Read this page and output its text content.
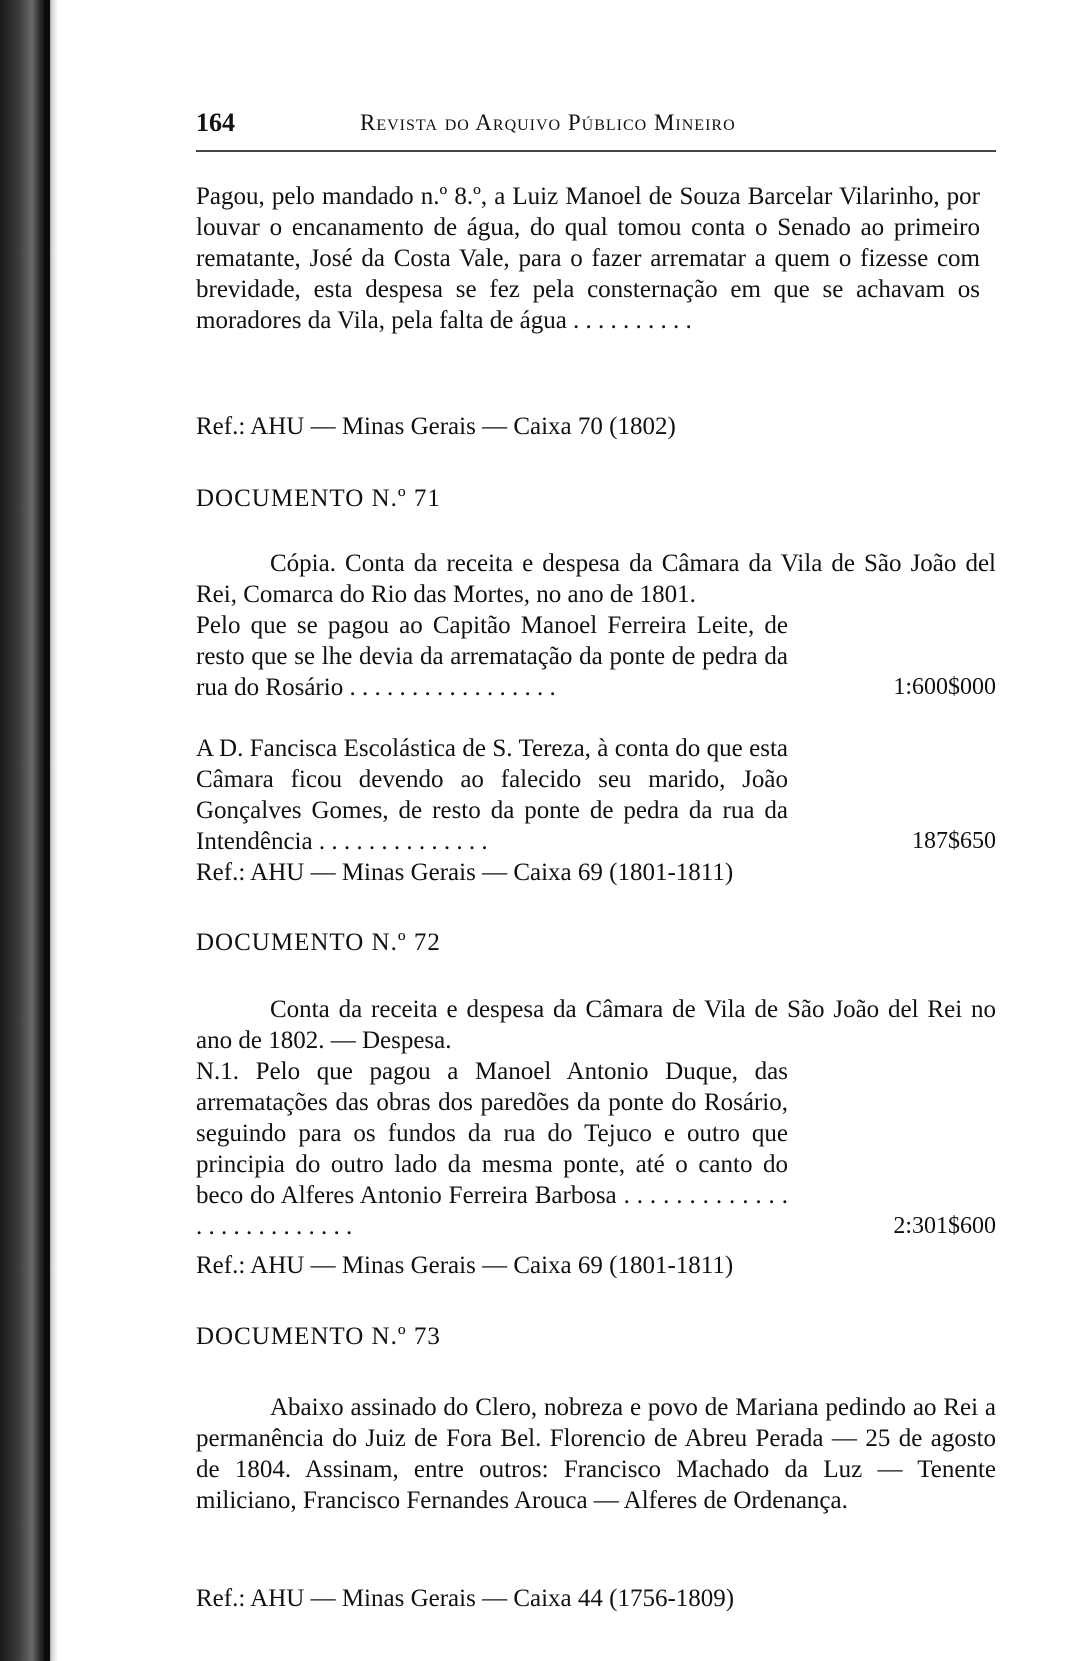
164	Revista do Arquivo Público Mineiro
Pagou, pelo mandado n.º 8.º, a Luiz Manoel de Souza Barcelar Vilarinho, por louvar o encanamento de água, do qual tomou conta o Senado ao primeiro rematante, José da Costa Vale, para o fazer arrematar a quem o fizesse com brevidade, esta despesa se fez pela consternação em que se achavam os moradores da Vila, pela falta de água . . . . . . . . . .
Ref.: AHU — Minas Gerais — Caixa 70 (1802)
DOCUMENTO N.º 71
Cópia. Conta da receita e despesa da Câmara da Vila de São João del Rei, Comarca do Rio das Mortes, no ano de 1801.
Pelo que se pagou ao Capitão Manoel Ferreira Leite, de resto que se lhe devia da arrematação da ponte de pedra da rua do Rosário . . . . . . . . . . . . . . . . .	1:600$000
A D. Fancisca Escolástica de S. Tereza, à conta do que esta Câmara ficou devendo ao falecido seu marido, João Gonçalves Gomes, de resto da ponte de pedra da rua da Intendência . . . . . . . . . . . . . .	187$650
Ref.: AHU — Minas Gerais — Caixa 69 (1801-1811)
DOCUMENTO N.º 72
Conta da receita e despesa da Câmara de Vila de São João del Rei no ano de 1802. — Despesa.
N.1. Pelo que pagou a Manoel Antonio Duque, das arrematações das obras dos paredões da ponte do Rosário, seguindo para os fundos da rua do Tejuco e outro que principia do outro lado da mesma ponte, até o canto do beco do Alferes Antonio Ferreira Barbosa . . . . . . . . . . . . . . . . . . . . . . . . . .	2:301$600
Ref.: AHU — Minas Gerais — Caixa 69 (1801-1811)
DOCUMENTO N.º 73
Abaixo assinado do Clero, nobreza e povo de Mariana pedindo ao Rei a permanência do Juiz de Fora Bel. Florencio de Abreu Perada — 25 de agosto de 1804. Assinam, entre outros: Francisco Machado da Luz — Tenente miliciano, Francisco Fernandes Arouca — Alferes de Ordenança.
Ref.: AHU — Minas Gerais — Caixa 44 (1756-1809)
